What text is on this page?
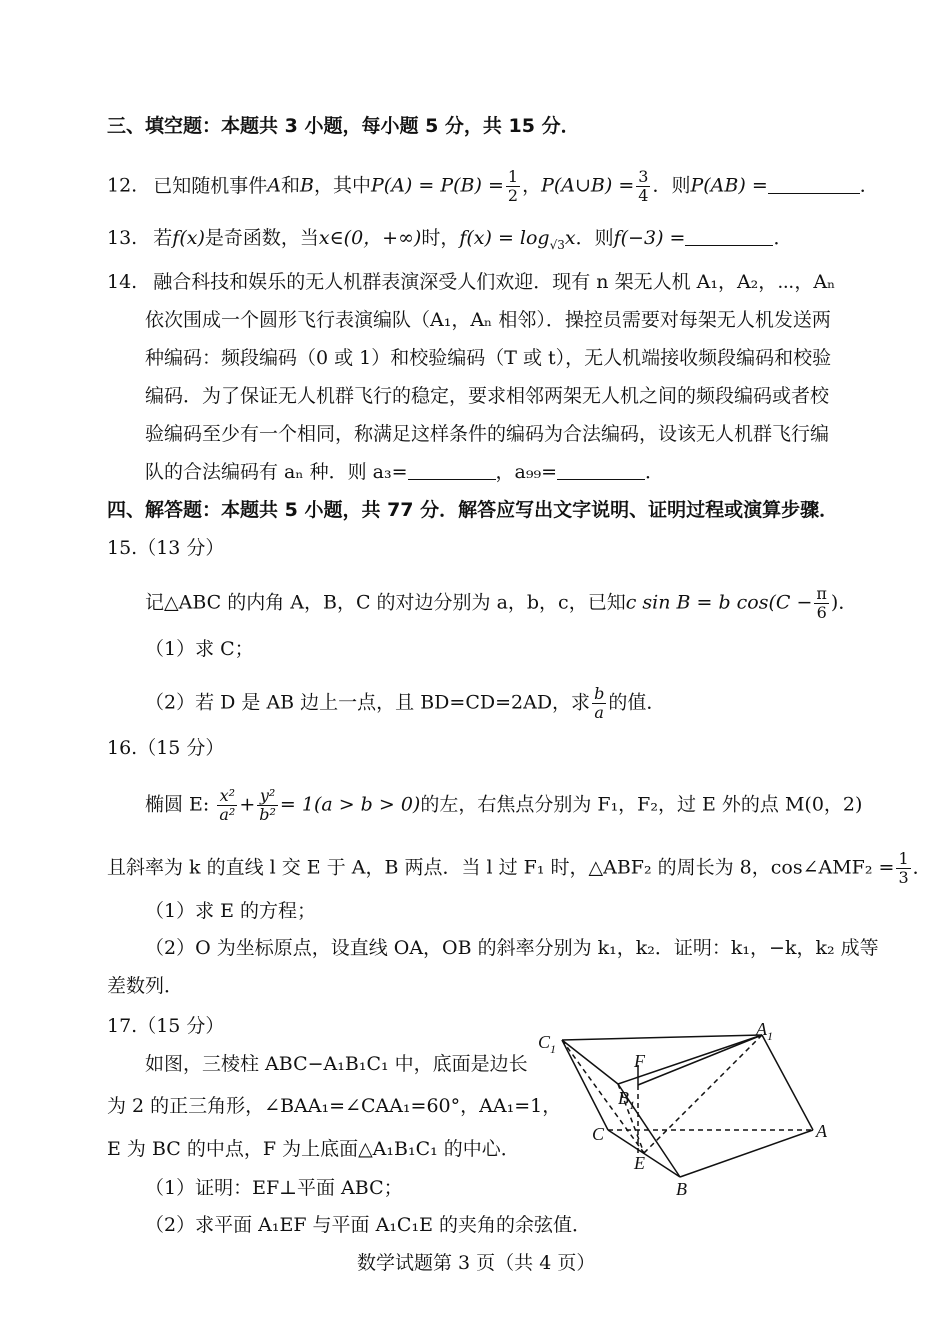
三、填空题：本题共 3 小题，每小题 5 分，共 15 分．
12. 已知随机事件A和B，其中$P(A) = P(B) = \frac{1}{2}$ ，P(A∪B) = $\frac{3}{4}$ ．则P(AB) =	．
13. 若f(x)是奇函数，当x∈(0，+∞)时，$f(x) = \log_{√3}x$．则f(−3) =	．
14. 融合科技和娱乐的无人机群表演深受人们欢迎．现有 n 架无人机 A₁，A₂，⋯，Aₙ
依次围成一个圆形飞行表演编队（A₁，Aₙ 相邻）．操控员需要对每架无人机发送两
种编码：频段编码（0 或 1）和校验编码（T 或 t），无人机端接收频段编码和校验
编码．为了保证无人机群飞行的稳定，要求相邻两架无人机之间的频段编码或者校
验编码至少有一个相同，称满足这样条件的编码为合法编码，设该无人机群飞行编
队的合法编码有 aₙ 种．则 a₃=	，a₉₉=	．
四、解答题：本题共 5 小题，共 77 分．解答应写出文字说明、证明过程或演算步骤．
15.（13 分）
记△ABC 的内角 A，B，C 的对边分别为 a，b，c，已知c sin B = b $\cos(C - \frac{\pi}{6}$ )．
（1）求 C；
（2）若 D 是 AB 边上一点，且 BD=CD=2AD，求 $\frac{b}{a}$ 的值．
16.（15 分）
椭圆 E: $\frac{\text{x²}}{\text{a²}} + \frac{\text{y²}}{\text{b²}} = 1(a > b > 0)$的左，右焦点分别为 F₁，F₂，过 E 外的点 M(0，2)
且斜率为 k 的直线 l 交 E 于 A，B 两点．当 l 过 F₁ 时，△ABF₂ 的周长为 8，cos∠AMF₂ = $\frac{1}{3}$ ．
（1）求 E 的方程；
（2）O 为坐标原点，设直线 OA，OB 的斜率分别为 k₁，k₂．证明：k₁，−k，k₂ 成等
差数列．
17.（15 分）
如图，三棱柱 ABC−A₁B₁C₁ 中，底面是边长
为 2 的正三角形，∠BAA₁=∠CAA₁=60°，AA₁=1，
E 为 BC 的中点，F 为上底面△A₁B₁C₁ 的中心．
（1）证明：EF⊥平面 ABC；
（2）求平面 A₁EF 与平面 A₁C₁E 的夹角的余弦值．
$C_1$
$A_1$
F
$B_1$
C	A
E
B
数学试题第 3 页（共 4 页）
